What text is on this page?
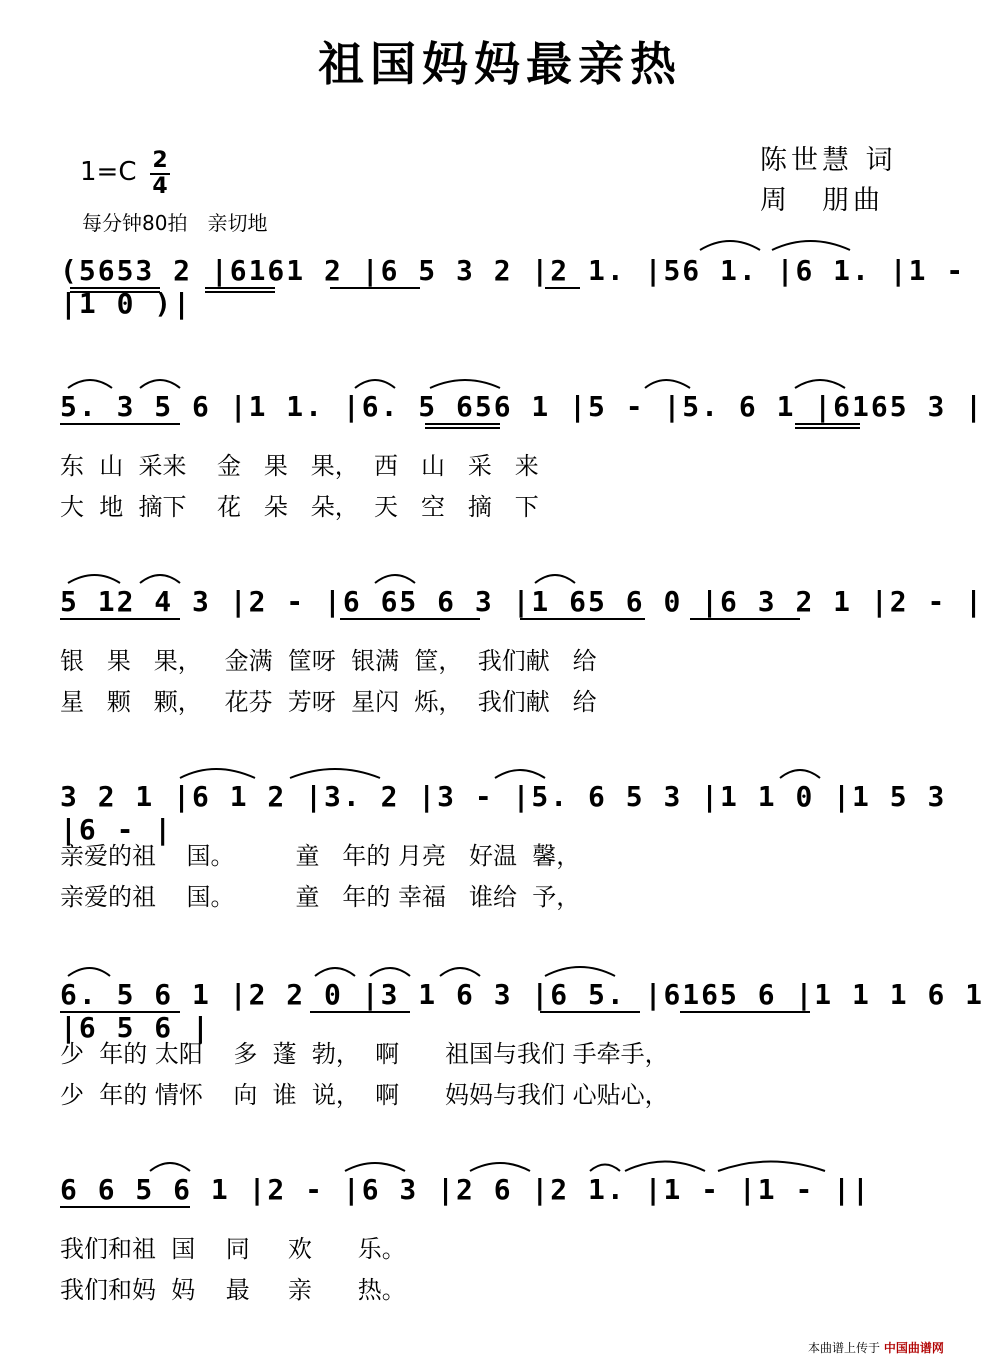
祖国妈妈最亲热
陈世慧 词
周　朋曲
1=C 2
4
每分钟80拍　亲切地
(5653 2 |6161 2 |6 5 3 2 |2 1. |56 1. |6 1. |1 - |1 0 )|
5. 3 5 6 |1 1. |6. 5 656 1 |5 - |5. 6 1 |6165 3 |
东  山  采来    金   果   果，  西   山   采   来
大  地  摘下    花   朵   朵，  天   空   摘   下
5 12 4 3 |2 - |6 65 6 3 |1 65 6 0 |6 3 2 1 |2 - |
银   果   果，   金满  筐呀  银满  筐，  我们献   给
星   颗   颗，   花芬  芳呀  星闪  烁，  我们献   给
3 2 1 |6 1 2 |3. 2 |3 - |5. 6 5 3 |1 1 0 |1 5 3 |6 - |
亲爱的祖    国。        童   年的 月亮   好温  馨，
亲爱的祖    国。        童   年的 幸福   谁给  予，
6. 5 6 1 |2 2 0 |3 1 6 3 |6 5. |6165 6 |1 1 1 6 1 |6 5 6 |
少  年的 太阳    多  蓬  勃，  啊      祖国与我们 手牵手，
少  年的 情怀    向  谁  说，  啊      妈妈与我们 心贴心，
6 6 5 6 1 |2 - |6 3 |2 6 |2 1. |1 - |1 - ||
我们和祖  国    同     欢      乐。
我们和妈  妈    最     亲      热。
本曲谱上传于 中国曲谱网
